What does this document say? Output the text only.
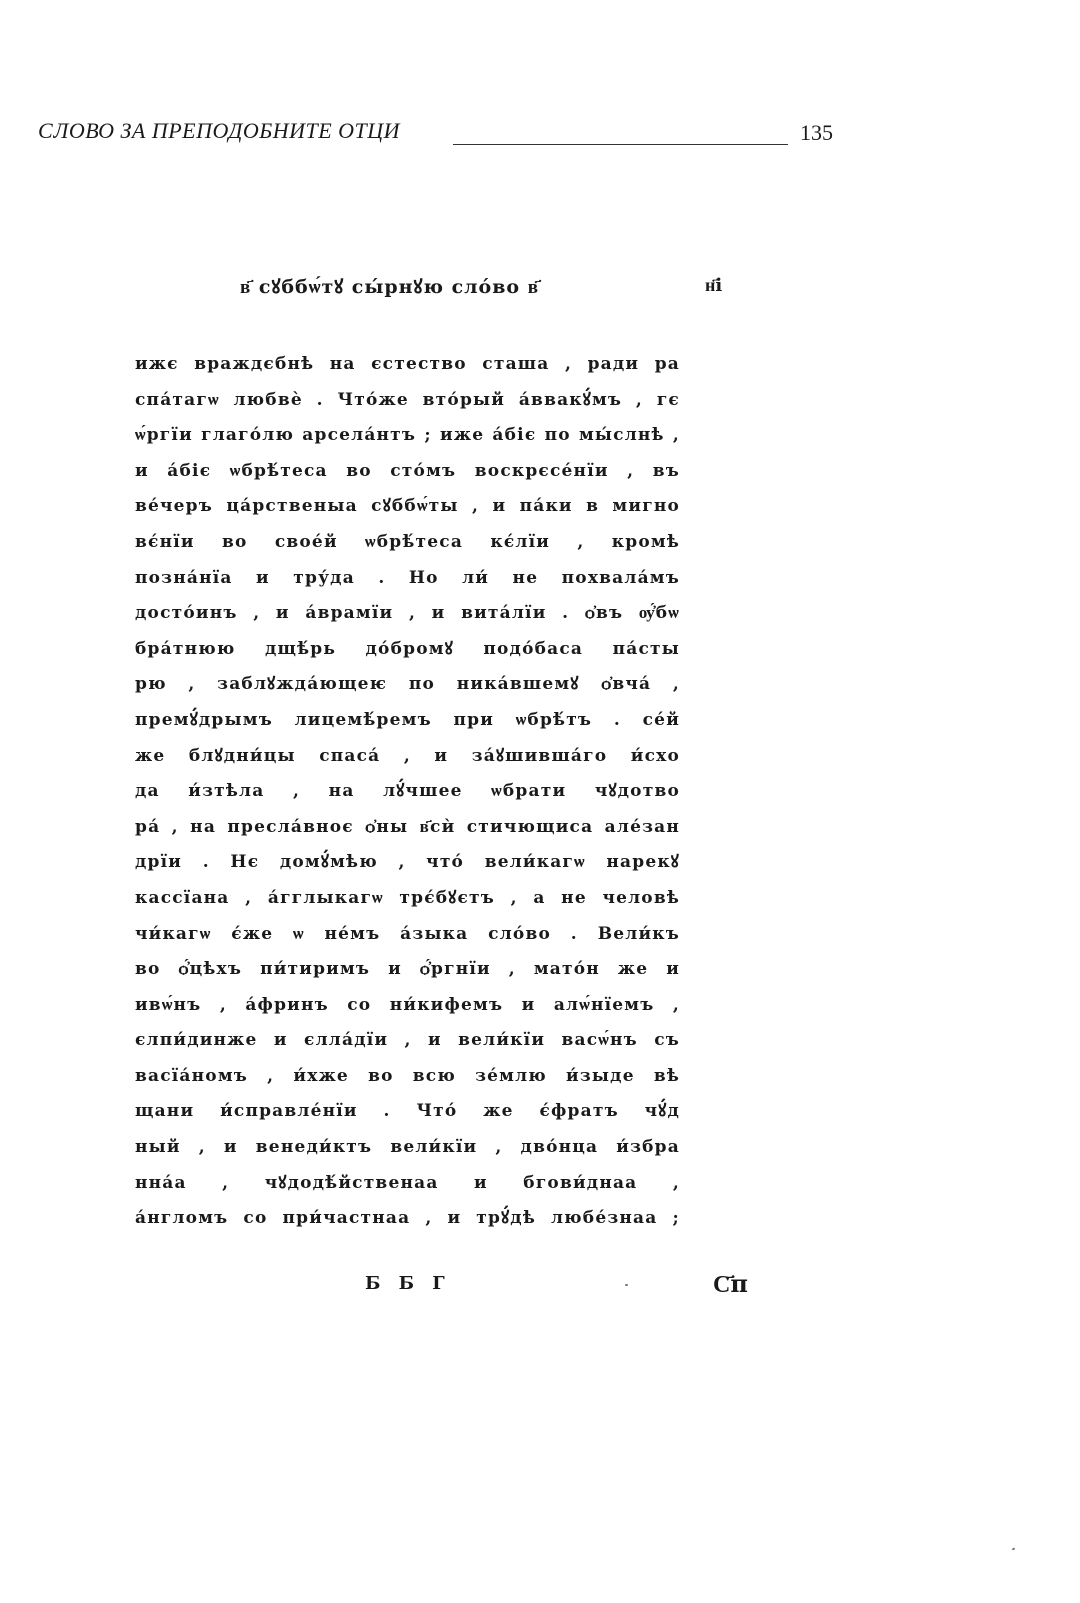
СЛОВО ЗА ПРЕПОДОБНИТЕ ОТЦИ	135
в҃ сꙋббѡ́тꙋ сы́рнꙋю сло́во в҃	н҃і
ижє враждєбнѣ на єстество сташа , ради ра
спа́тагѡ любвѐ . Что́же вто́рый а́ввакꙋ́мъ , гє
ѡ́ргїи глаго́лю арсела́нтъ ; иже а́біє по мы́слнѣ ,
и а́біє ѡбрѣ́теса во сто́мъ воскрєсе́нїи , въ
ве́черъ ца́рственыа сꙋббѡ́ты , и па́ки в мигно
вє́нїи во свое́й ѡбрѣ́теса кє́лїи , кромѣ
позна́нїа и тру́да . Но ли́ не похвала́мъ
досто́инъ , и а́врамїи , и вита́лїи . ѻ҆въ ѹ҆́бѡ
бра́тнюю дщѣ́рь до́бромꙋ подо́баса па́сты
рю , заблꙋжда́ющеѥ по ника́вшемꙋ ѻ҆вча́ ,
премꙋ́дрымъ лицемѣ́ремъ при ѡбрѣ́тъ . се́й
же блꙋдни́цы спаса́ , и за́ꙋшивша́го и́схо
да и́зтѣла , на лꙋ́чшее ѡбрати чꙋдотво
ра́ , на пресла́вноє ѻ҆ны в҃сѝ стичющиса але́зан
дрїи . Нє домꙋ́мѣю , что́ вели́кагѡ нарекꙋ
кассїана , а́гглыкагѡ трє́бꙋєтъ , а не человѣ
чи́кагѡ є́же ѡ не́мъ а́зыка сло́во . Вели́къ
во ѻ҆́цѣхъ пи́тиримъ и ѻ҆́ргнїи , мато́н же и
ивѡ́нъ , а́фринъ со ни́кифемъ и алѡ́нїемъ ,
єлпи́динже и єлла́дїи , и вели́кїи васѡ́нъ съ
васїа́номъ , и́хже во всю зе́млю и́зыде вѣ
щани и́справле́нїи . Что́ же є́фратъ чꙋ́д
ный , и венеди́ктъ вели́кїи , дво́нца и́збра
нна́а , чꙋдодѣ́йственаа и бгови́днаа ,
а́нгломъ со при́частнаа , и трꙋ́дѣ любе́знаа ;
Б Б Г	С҃п
